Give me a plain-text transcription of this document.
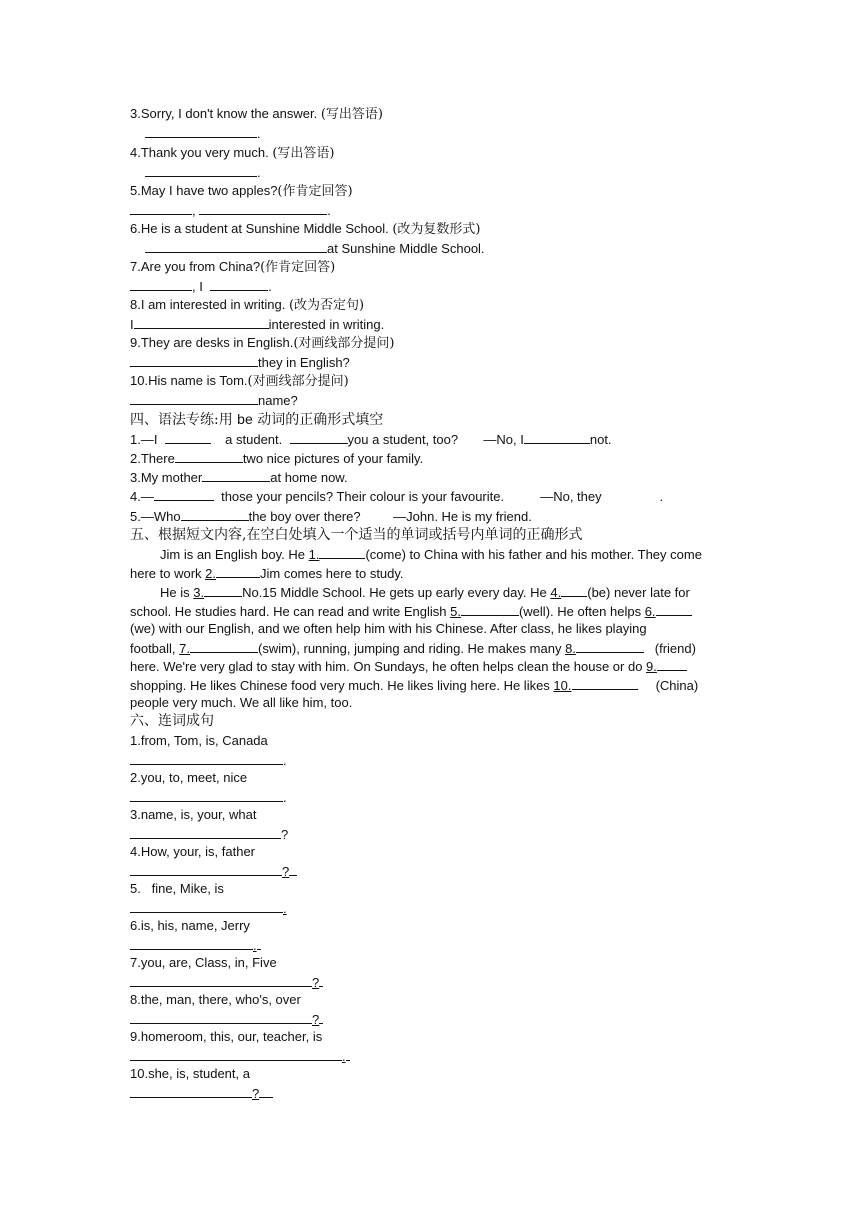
3.Sorry, I don't know the answer. (写出答语)
.
4.Thank you very much. (写出答语)
.
5.May I have two apples?(作肯定回答)
,	.
6.He is a student at Sunshine Middle School. (改为复数形式)
at Sunshine Middle School.
7.Are you from China?(作肯定回答)
, I	.
8.I am interested in writing. (改为否定句)
I	interested in writing.
9.They are desks in English.(对画线部分提问)
they in English?
10.His name is Tom.(对画线部分提问)
name?
四、语法专练:用 be 动词的正确形式填空
1.—I	a student.	you a student, too? —No, I	not.
2.There	two nice pictures of your family.
3.My mother	at home now.
4.—	those your pencils? Their colour is your favourite.	—No, they	.
5.—Who	the boy over there?	—John. He is my friend.
五、根据短文内容,在空白处填入一个适当的单词或括号内单词的正确形式
Jim is an English boy. He 1.	(come) to China with his father and his mother. They come
here to work 2.	Jim comes here to study.
He is 3.	No.15 Middle School. He gets up early every day. He 4. (be) never late for
school. He studies hard. He can read and write English 5.	(well). He often helps 6.
(we) with our English, and we often help him with his Chinese. After class, he likes playing
football, 7.	(swim), running, jumping and riding. He makes many 8.	(friend)
here. We're very glad to stay with him. On Sundays, he often helps clean the house or do 9.
shopping. He likes Chinese food very much. He likes living here. He likes 10.	(China)
people very much. We all like him, too.
六、连词成句
1.from, Tom, is, Canada
.
2.you, to, meet, nice
.
3.name, is, your, what
?
4.How, your, is, father
?
5.   fine, Mike, is
.
6.is, his, name, Jerry
.
7.you, are, Class, in, Five
?
8.the, man, there, who's, over
?
9.homeroom, this, our, teacher, is
.
10.she, is, student, a
?
